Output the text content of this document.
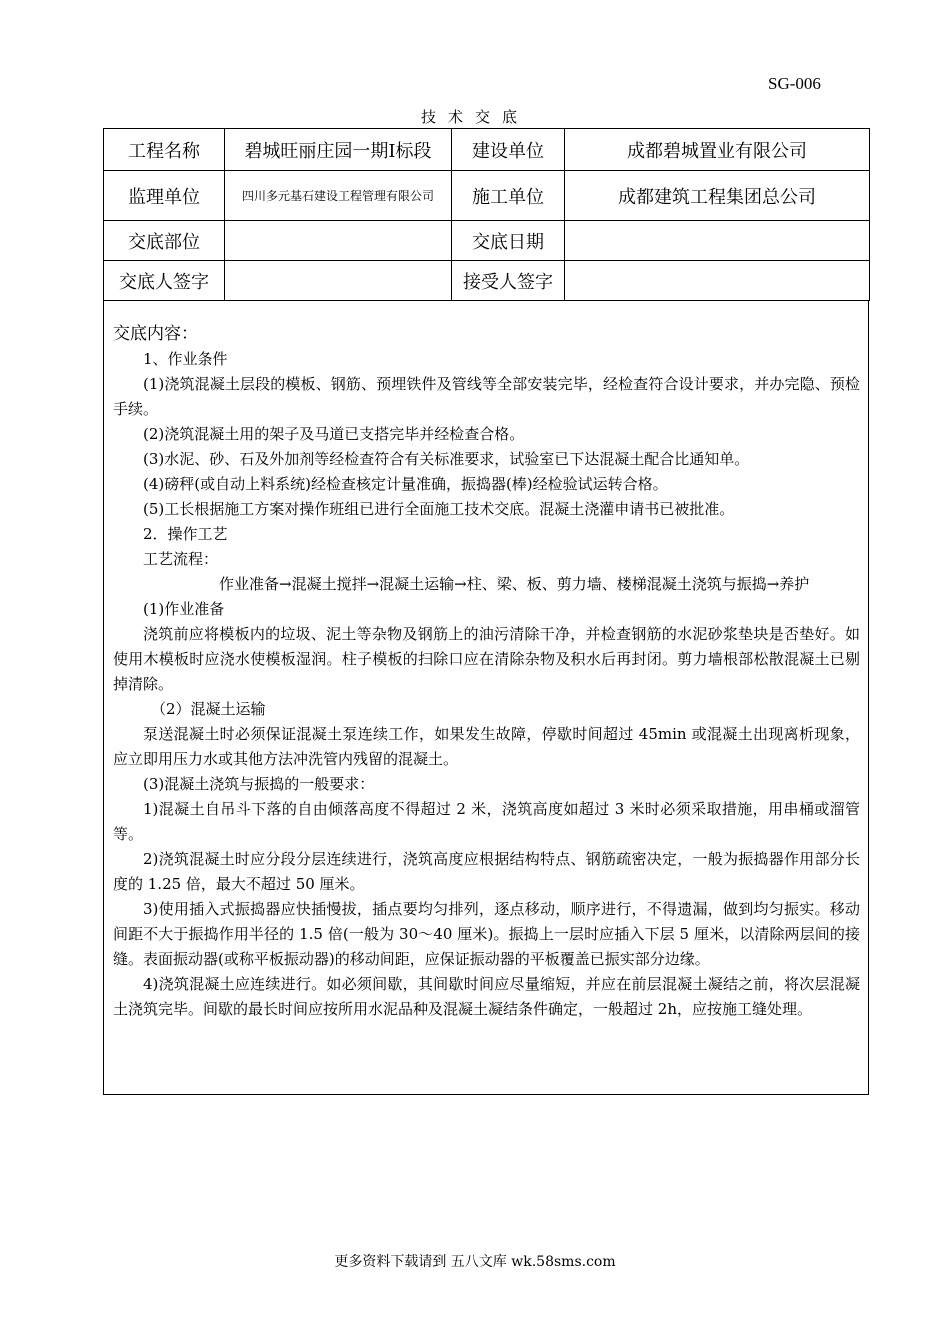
SG-006
技术交底
工程名称	碧城旺丽庄园一期Ⅰ标段	建设单位	成都碧城置业有限公司
监理单位	四川多元基石建设工程管理有限公司	施工单位	成都建筑工程集团总公司
交底部位		交底日期	
交底人签字		接受人签字	

交底内容：

1、作业条件

(1)浇筑混凝土层段的模板、钢筋、预埋铁件及管线等全部安装完毕，经检查符合设计要求，并办完隐、预检手续。

(2)浇筑混凝土用的架子及马道已支搭完毕并经检查合格。

(3)水泥、砂、石及外加剂等经检查符合有关标准要求，试验室已下达混凝土配合比通知单。

(4)磅秤(或自动上料系统)经检查核定计量准确，振捣器(棒)经检验试运转合格。

(5)工长根据施工方案对操作班组已进行全面施工技术交底。混凝土浇灌申请书已被批准。

2．操作工艺

工艺流程：

作业准备→混凝土搅拌→混凝土运输→柱、梁、板、剪力墙、楼梯混凝土浇筑与振捣→养护

(1)作业准备

浇筑前应将模板内的垃圾、泥土等杂物及钢筋上的油污清除干净，并检查钢筋的水泥砂浆垫块是否垫好。如使用木模板时应浇水使模板湿润。柱子模板的扫除口应在清除杂物及积水后再封闭。剪力墙根部松散混凝土已剔掉清除。

（2）混凝土运输

泵送混凝土时必须保证混凝土泵连续工作，如果发生故障，停歇时间超过 45min 或混凝土出现离析现象，应立即用压力水或其他方法冲洗管内残留的混凝土。

(3)混凝土浇筑与振捣的一般要求：

1)混凝土自吊斗下落的自由倾落高度不得超过 2 米，浇筑高度如超过 3 米时必须采取措施，用串桶或溜管等。

2)浇筑混凝土时应分段分层连续进行，浇筑高度应根据结构特点、钢筋疏密决定，一般为振捣器作用部分长度的 1.25 倍，最大不超过 50 厘米。

3)使用插入式振捣器应快插慢拔，插点要均匀排列，逐点移动，顺序进行，不得遗漏，做到均匀振实。移动间距不大于振捣作用半径的 1.5 倍(一般为 30～40 厘米)。振捣上一层时应插入下层 5 厘米，以清除两层间的接缝。表面振动器(或称平板振动器)的移动间距，应保证振动器的平板覆盖已振实部分边缘。

4)浇筑混凝土应连续进行。如必须间歇，其间歇时间应尽量缩短，并应在前层混凝土凝结之前，将次层混凝土浇筑完毕。间歇的最长时间应按所用水泥品种及混凝土凝结条件确定，一般超过 2h，应按施工缝处理。

更多资料下载请到 五八文库 wk.58sms.com
